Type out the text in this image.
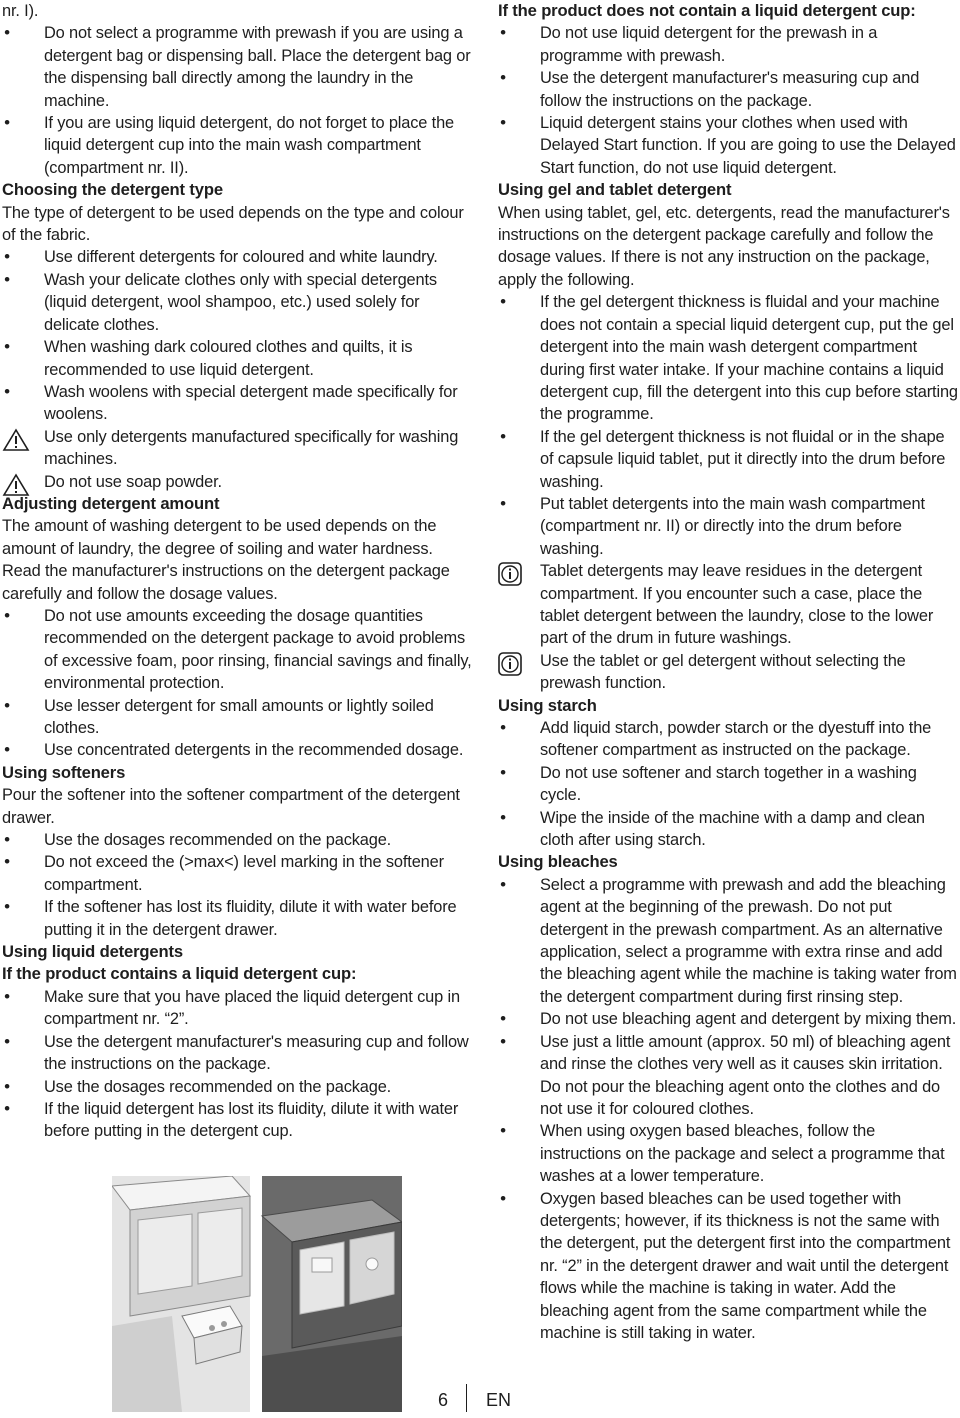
nr. I).

• Do not select a programme with prewash if you are using a detergent bag or dispensing ball. Place the detergent bag or the dispensing ball directly among the laundry in the machine.
• If you are using liquid detergent, do not forget to place the liquid detergent cup into the main wash compartment (compartment nr. II).
Choosing the detergent type

The type of detergent to be used depends on the type and colour of the fabric.

• Use different detergents for coloured and white laundry.
• Wash your delicate clothes only with special detergents (liquid detergent, wool shampoo, etc.) used solely for delicate clothes.
• When washing dark coloured clothes and quilts, it is recommended to use liquid detergent.
• Wash woolens with special detergent made specifically for woolens.
Use only detergents manufactured specifically for washing machines.
Do not use soap powder.
Adjusting detergent amount

The amount of washing detergent to be used depends on the amount of laundry, the degree of soiling and water hardness. Read the manufacturer's instructions on the detergent package carefully and follow the dosage values.

• Do not use amounts exceeding the dosage quantities recommended on the detergent package to avoid problems of excessive foam, poor rinsing, financial savings and finally, environmental protection.
• Use lesser detergent for small amounts or lightly soiled clothes.
• Use concentrated detergents in the recommended dosage.
Using softeners

Pour the softener into the softener compartment of the detergent drawer.

• Use the dosages recommended on the package.
• Do not exceed the (>max<) level marking in the softener compartment.
• If the softener has lost its fluidity, dilute it with water before putting it in the detergent drawer.
Using liquid detergents
If the product contains a liquid detergent cup:
• Make sure that you have placed the liquid detergent cup in compartment nr. “2”.
• Use the detergent manufacturer's measuring cup and follow the instructions on the package.
• Use the dosages recommended on the package.
• If the liquid detergent has lost its fluidity, dilute it with water before putting in the detergent cup.
If the product does not contain a liquid detergent cup:
• Do not use liquid detergent for the prewash in a programme with prewash.
• Use the detergent manufacturer's measuring cup and follow the instructions on the package.
• Liquid detergent stains your clothes when used with Delayed Start function. If you are going to use the Delayed Start function, do not use liquid detergent.
Using gel and tablet detergent

When using tablet, gel, etc. detergents, read the manufacturer's instructions on the detergent package carefully and follow the dosage values. If there is not any instruction on the package, apply the following.

• If the gel detergent thickness is fluidal and your machine does not contain a special liquid detergent cup, put the gel detergent into the main wash detergent compartment during first water intake. If your machine contains a liquid detergent cup, fill the detergent into this cup before starting the programme.
• If the gel detergent thickness is not fluidal or in the shape of capsule liquid tablet, put it directly into the drum before washing.
• Put tablet detergents into the main wash compartment (compartment nr. II) or directly into the drum before washing.
Tablet detergents may leave residues in the detergent compartment. If you encounter such a case, place the tablet detergent between the laundry, close to the lower part of the drum in future washings.
Use the tablet or gel detergent without selecting the prewash function.
Using starch
• Add liquid starch, powder starch or the dyestuff into the softener compartment as instructed on the package.
• Do not use softener and starch together in a washing cycle.
• Wipe the inside of the machine with a damp and clean cloth after using starch.
Using bleaches
• Select a programme with prewash and add the bleaching agent at the beginning of the prewash. Do not put detergent in the prewash compartment. As an alternative application, select a programme with extra rinse and add the bleaching agent while the machine is taking water from the detergent compartment during first rinsing step.
• Do not use bleaching agent and detergent by mixing them.
• Use just a little amount (approx. 50 ml) of bleaching agent and rinse the clothes very well as it causes skin irritation. Do not pour the bleaching agent onto the clothes and do not use it for coloured clothes.
• When using oxygen based bleaches, follow the instructions on the package and select a programme that washes at a lower temperature.
• Oxygen based bleaches can be used together with detergents; however, if its thickness is not the same with the detergent, put the detergent first into the compartment nr. “2” in the detergent drawer and wait until the detergent flows while the machine is taking in water. Add the bleaching agent from the same compartment while the machine is still taking in water.
6 EN
